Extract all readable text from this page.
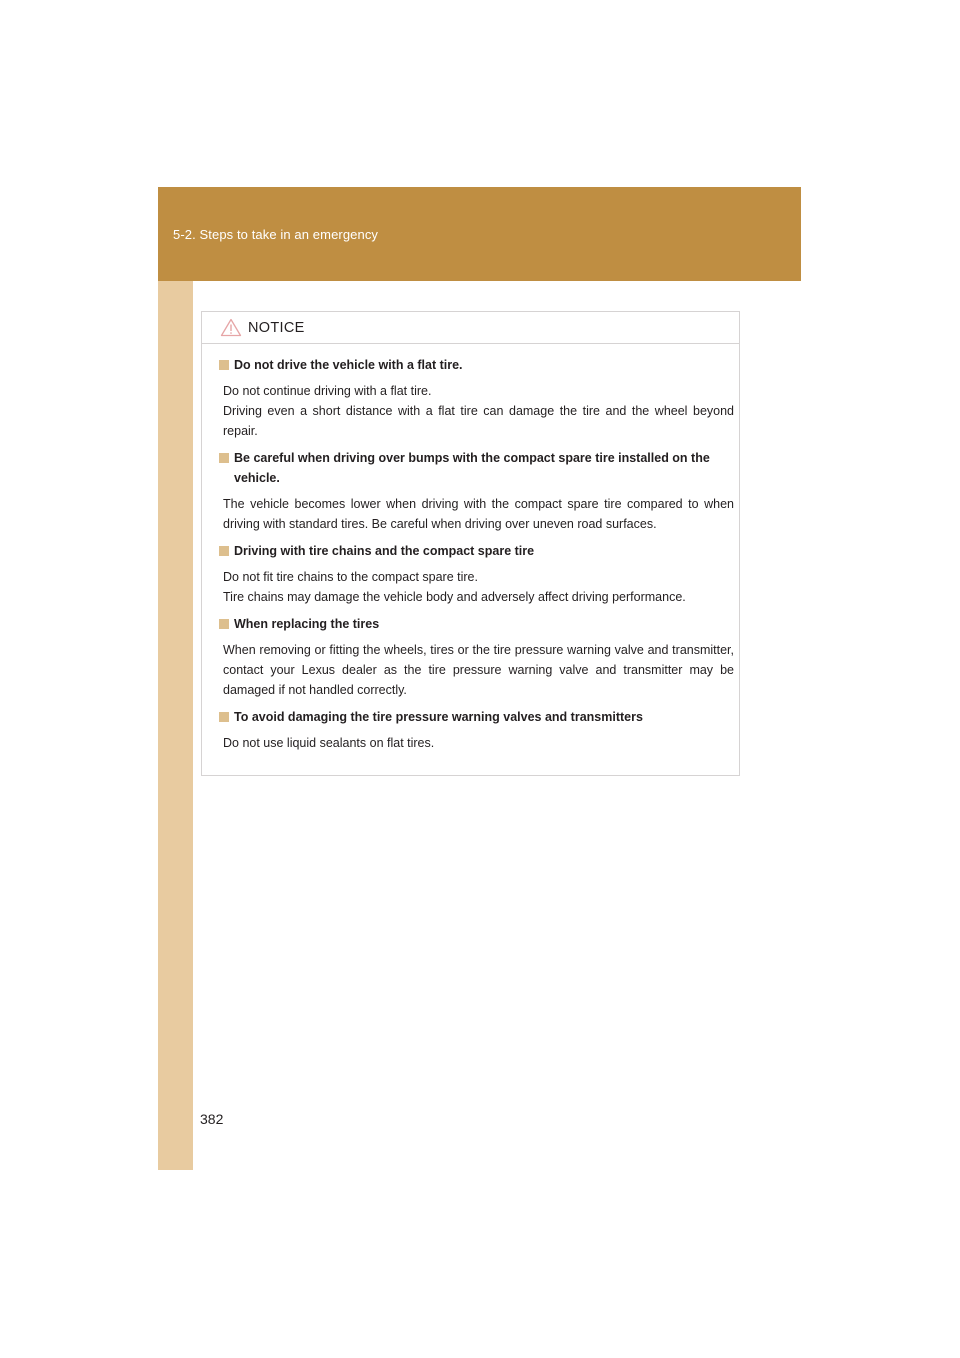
5-2. Steps to take in an emergency
382
NOTICE
Do not drive the vehicle with a flat tire.

Do not continue driving with a flat tire.

Driving even a short distance with a flat tire can damage the tire and the wheel beyond repair.

Be careful when driving over bumps with the compact spare tire installed on the vehicle.

The vehicle becomes lower when driving with the compact spare tire compared to when driving with standard tires. Be careful when driving over uneven road surfaces.

Driving with tire chains and the compact spare tire

Do not fit tire chains to the compact spare tire.

Tire chains may damage the vehicle body and adversely affect driving performance.

When replacing the tires

When removing or fitting the wheels, tires or the tire pressure warning valve and transmitter, contact your Lexus dealer as the tire pressure warning valve and transmitter may be damaged if not handled correctly.

To avoid damaging the tire pressure warning valves and transmitters

Do not use liquid sealants on flat tires.
